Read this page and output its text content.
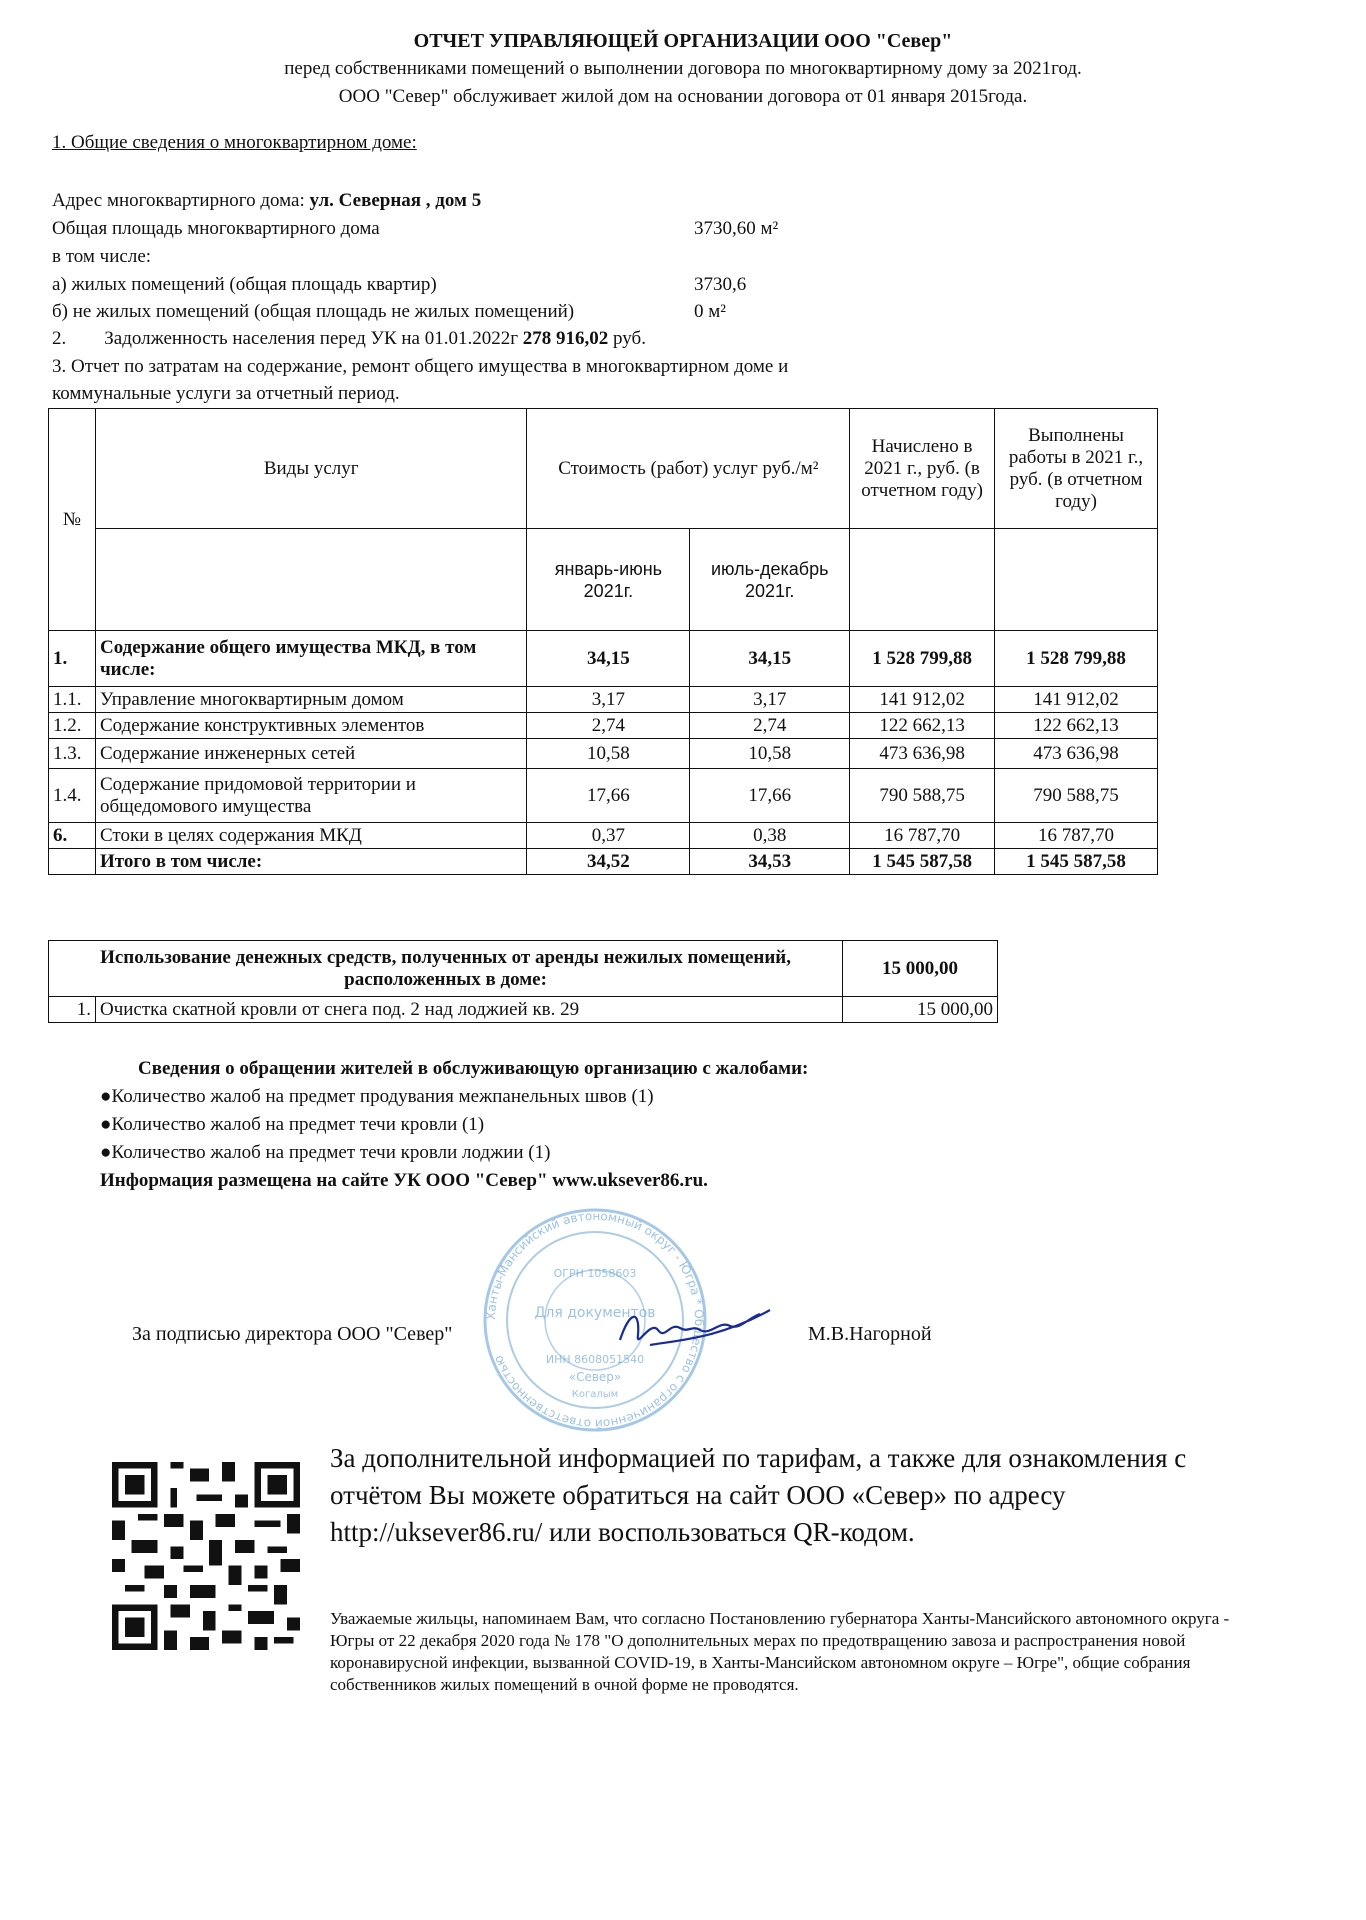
ОТЧЕТ УПРАВЛЯЮЩЕЙ ОРГАНИЗАЦИИ ООО "Север"
перед собственниками помещений о выполнении договора по многоквартирному дому за 2021год.
ООО "Север" обслуживает жилой дом на основании договора от 01 января 2015года.
1. Общие сведения о многоквартирном доме:
Адрес многоквартирного дома: ул. Северная , дом 5
Общая площадь многоквартирного дома	3730,60 м²
в том числе:
а) жилых помещений (общая площадь квартир)	3730,6
б) не жилых помещений (общая площадь не жилых помещений)	0 м²
2. Задолженность населения перед УК на 01.01.2022г 278 916,02 руб.
3. Отчет по затратам на содержание, ремонт общего имущества в многоквартирном доме и
коммунальные услуги за отчетный период.
№	Виды услуг	Стоимость (работ) услуг руб./м²		Начислено в 2021 г., руб. (в отчетном году)	Выполнены работы в 2021 г., руб. (в отчетном году)
		январь-июнь 2021г.	июль-декабрь 2021г.		
1.	Содержание общего имущества МКД, в том числе:	34,15	34,15	1 528 799,88	1 528 799,88
1.1.	Управление многоквартирным домом	3,17	3,17	141 912,02	141 912,02
1.2.	Содержание конструктивных элементов	2,74	2,74	122 662,13	122 662,13
1.3.	Содержание инженерных сетей	10,58	10,58	473 636,98	473 636,98
1.4.	Содержание придомовой территории и общедомового имущества	17,66	17,66	790 588,75	790 588,75
6.	Стоки в целях содержания МКД	0,37	0,38	16 787,70	16 787,70
	Итого в том числе:	34,52	34,53	1 545 587,58	1 545 587,58
Использование денежных средств, полученных от аренды нежилых помещений, расположенных в доме:		15 000,00
1.	Очистка скатной кровли от снега под. 2 над лоджией кв. 29	15 000,00
Сведения о обращении жителей в обслуживающую организацию с жалобами:
●Количество жалоб на предмет продувания межпанельных швов (1)
●Количество жалоб на предмет течи кровли (1)
●Количество жалоб на предмет течи кровли лоджии (1)
Информация размещена на сайте УК ООО "Север" www.uksever86.ru.
Ханты-Мансийский автономный округ - Югра * Общество с ограниченной ответственностью
ОГРН 1058603
Для документов
ИНН 8608051540
«Север»
Когалым
За подписью директора ООО "Север"	М.В.Нагорной
За дополнительной информацией по тарифам, а также для ознакомления с отчётом Вы можете обратиться на сайт ООО «Север» по адресу http://uksever86.ru/ или воспользоваться QR-кодом.
Уважаемые жильцы, напоминаем Вам, что согласно Постановлению губернатора Ханты-Мансийского автономного округа - Югры от 22 декабря 2020 года № 178 "О дополнительных мерах по предотвращению завоза и распространения новой коронавирусной инфекции, вызванной COVID-19, в Ханты-Мансийском автономном округе – Югре", общие собрания собственников жилых помещений в очной форме не проводятся.
